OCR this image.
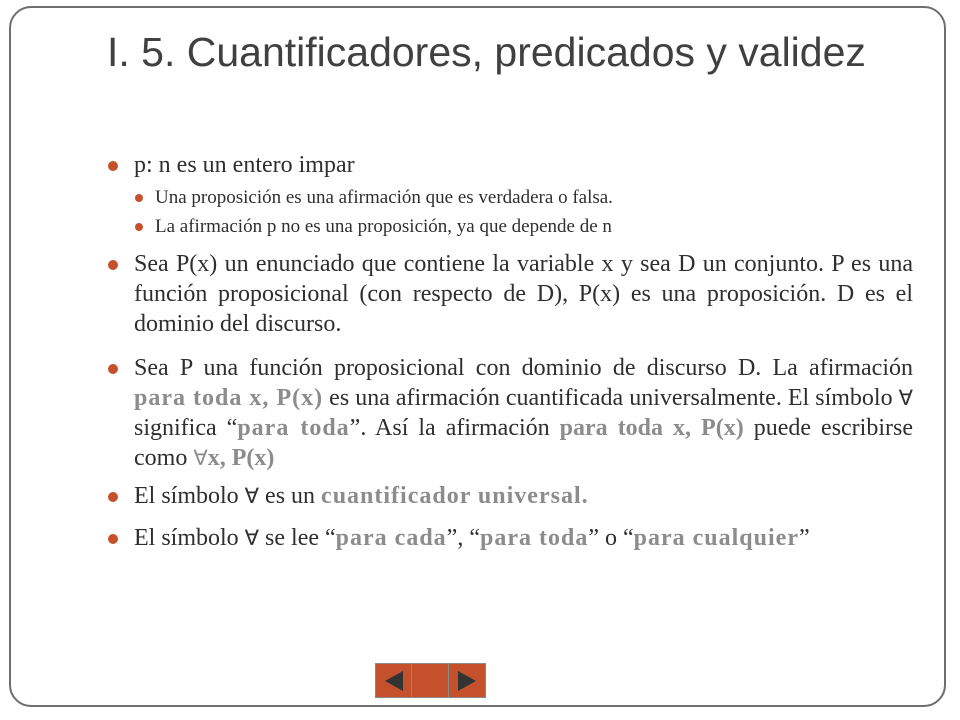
I. 5. Cuantificadores, predicados y validez
p: n es un entero impar
Una proposición es una afirmación que es verdadera o falsa.
La afirmación p no es una proposición, ya que depende de n
Sea P(x) un enunciado que contiene la variable x y sea D un conjunto. P es una función proposicional (con respecto de D), P(x) es una proposición. D es el dominio del discurso.
Sea P una función proposicional con dominio de discurso D. La afirmación para toda x, P(x) es una afirmación cuantificada universalmente. El símbolo ∀ significa “para toda”. Así la afirmación para toda x, P(x) puede escribirse como ∀x, P(x)
El símbolo ∀ es un cuantificador universal.
El símbolo ∀ se lee “para cada”, “para toda” o “para cualquier”
